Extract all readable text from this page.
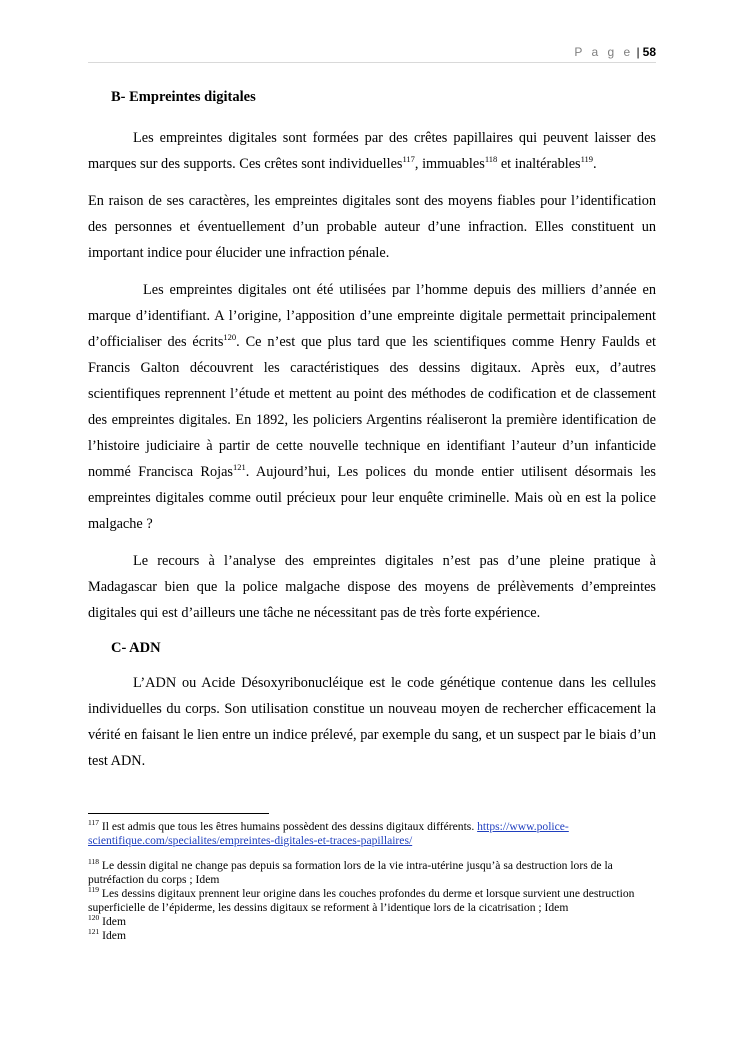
P a g e | 58
B- Empreintes digitales

Les empreintes digitales sont formées par des crêtes papillaires qui peuvent laisser des marques sur des supports. Ces crêtes sont individuelles$^{117}$, immuables$^{118}$ et inaltérables$^{119}$.

En raison de ses caractères, les empreintes digitales sont des moyens fiables pour l’identification des personnes et éventuellement d’un probable auteur d’une infraction. Elles constituent un important indice pour élucider une infraction pénale.

Les empreintes digitales ont été utilisées par l’homme depuis des milliers d’année en marque d’identifiant. A l’origine, l’apposition d’une empreinte digitale permettait principalement d’officialiser des écrits$^{120}$. Ce n’est que plus tard que les scientifiques comme Henry Faulds et Francis Galton découvrent les caractéristiques des dessins digitaux. Après eux, d’autres scientifiques reprennent l’étude et mettent au point des méthodes de codification et de classement des empreintes digitales. En 1892, les policiers Argentins réaliseront la première identification de l’histoire judiciaire à partir de cette nouvelle technique en identifiant l’auteur d’un infanticide nommé Francisca Rojas$^{121}$. Aujourd’hui, Les polices du monde entier utilisent désormais les empreintes digitales comme outil précieux pour leur enquête criminelle. Mais où en est la police malgache ?

Le recours à l’analyse des empreintes digitales n’est pas d’une pleine pratique à Madagascar bien que la police malgache dispose des moyens de prélèvements d’empreintes digitales qui est d’ailleurs une tâche ne nécessitant pas de très forte expérience.

C- ADN

L’ADN ou Acide Désoxyribonucléique est le code génétique contenue dans les cellules individuelles du corps. Son utilisation constitue un nouveau moyen de rechercher efficacement la vérité en faisant le lien entre un indice prélevé, par exemple du sang, et un suspect par le biais d’un test ADN.

$^{117}$ Il est admis que tous les êtres humains possèdent des dessins digitaux différents. https://www.police-scientifique.com/specialites/empreintes-digitales-et-traces-papillaires/

$^{118}$ Le dessin digital ne change pas depuis sa formation lors de la vie intra-utérine jusqu’à sa destruction lors de la putréfaction du corps ; Idem

$^{119}$ Les dessins digitaux prennent leur origine dans les couches profondes du derme et lorsque survient une destruction superficielle de l’épiderme, les dessins digitaux se reforment à l’identique lors de la cicatrisation ; Idem

$^{120}$ Idem

$^{121}$ Idem
